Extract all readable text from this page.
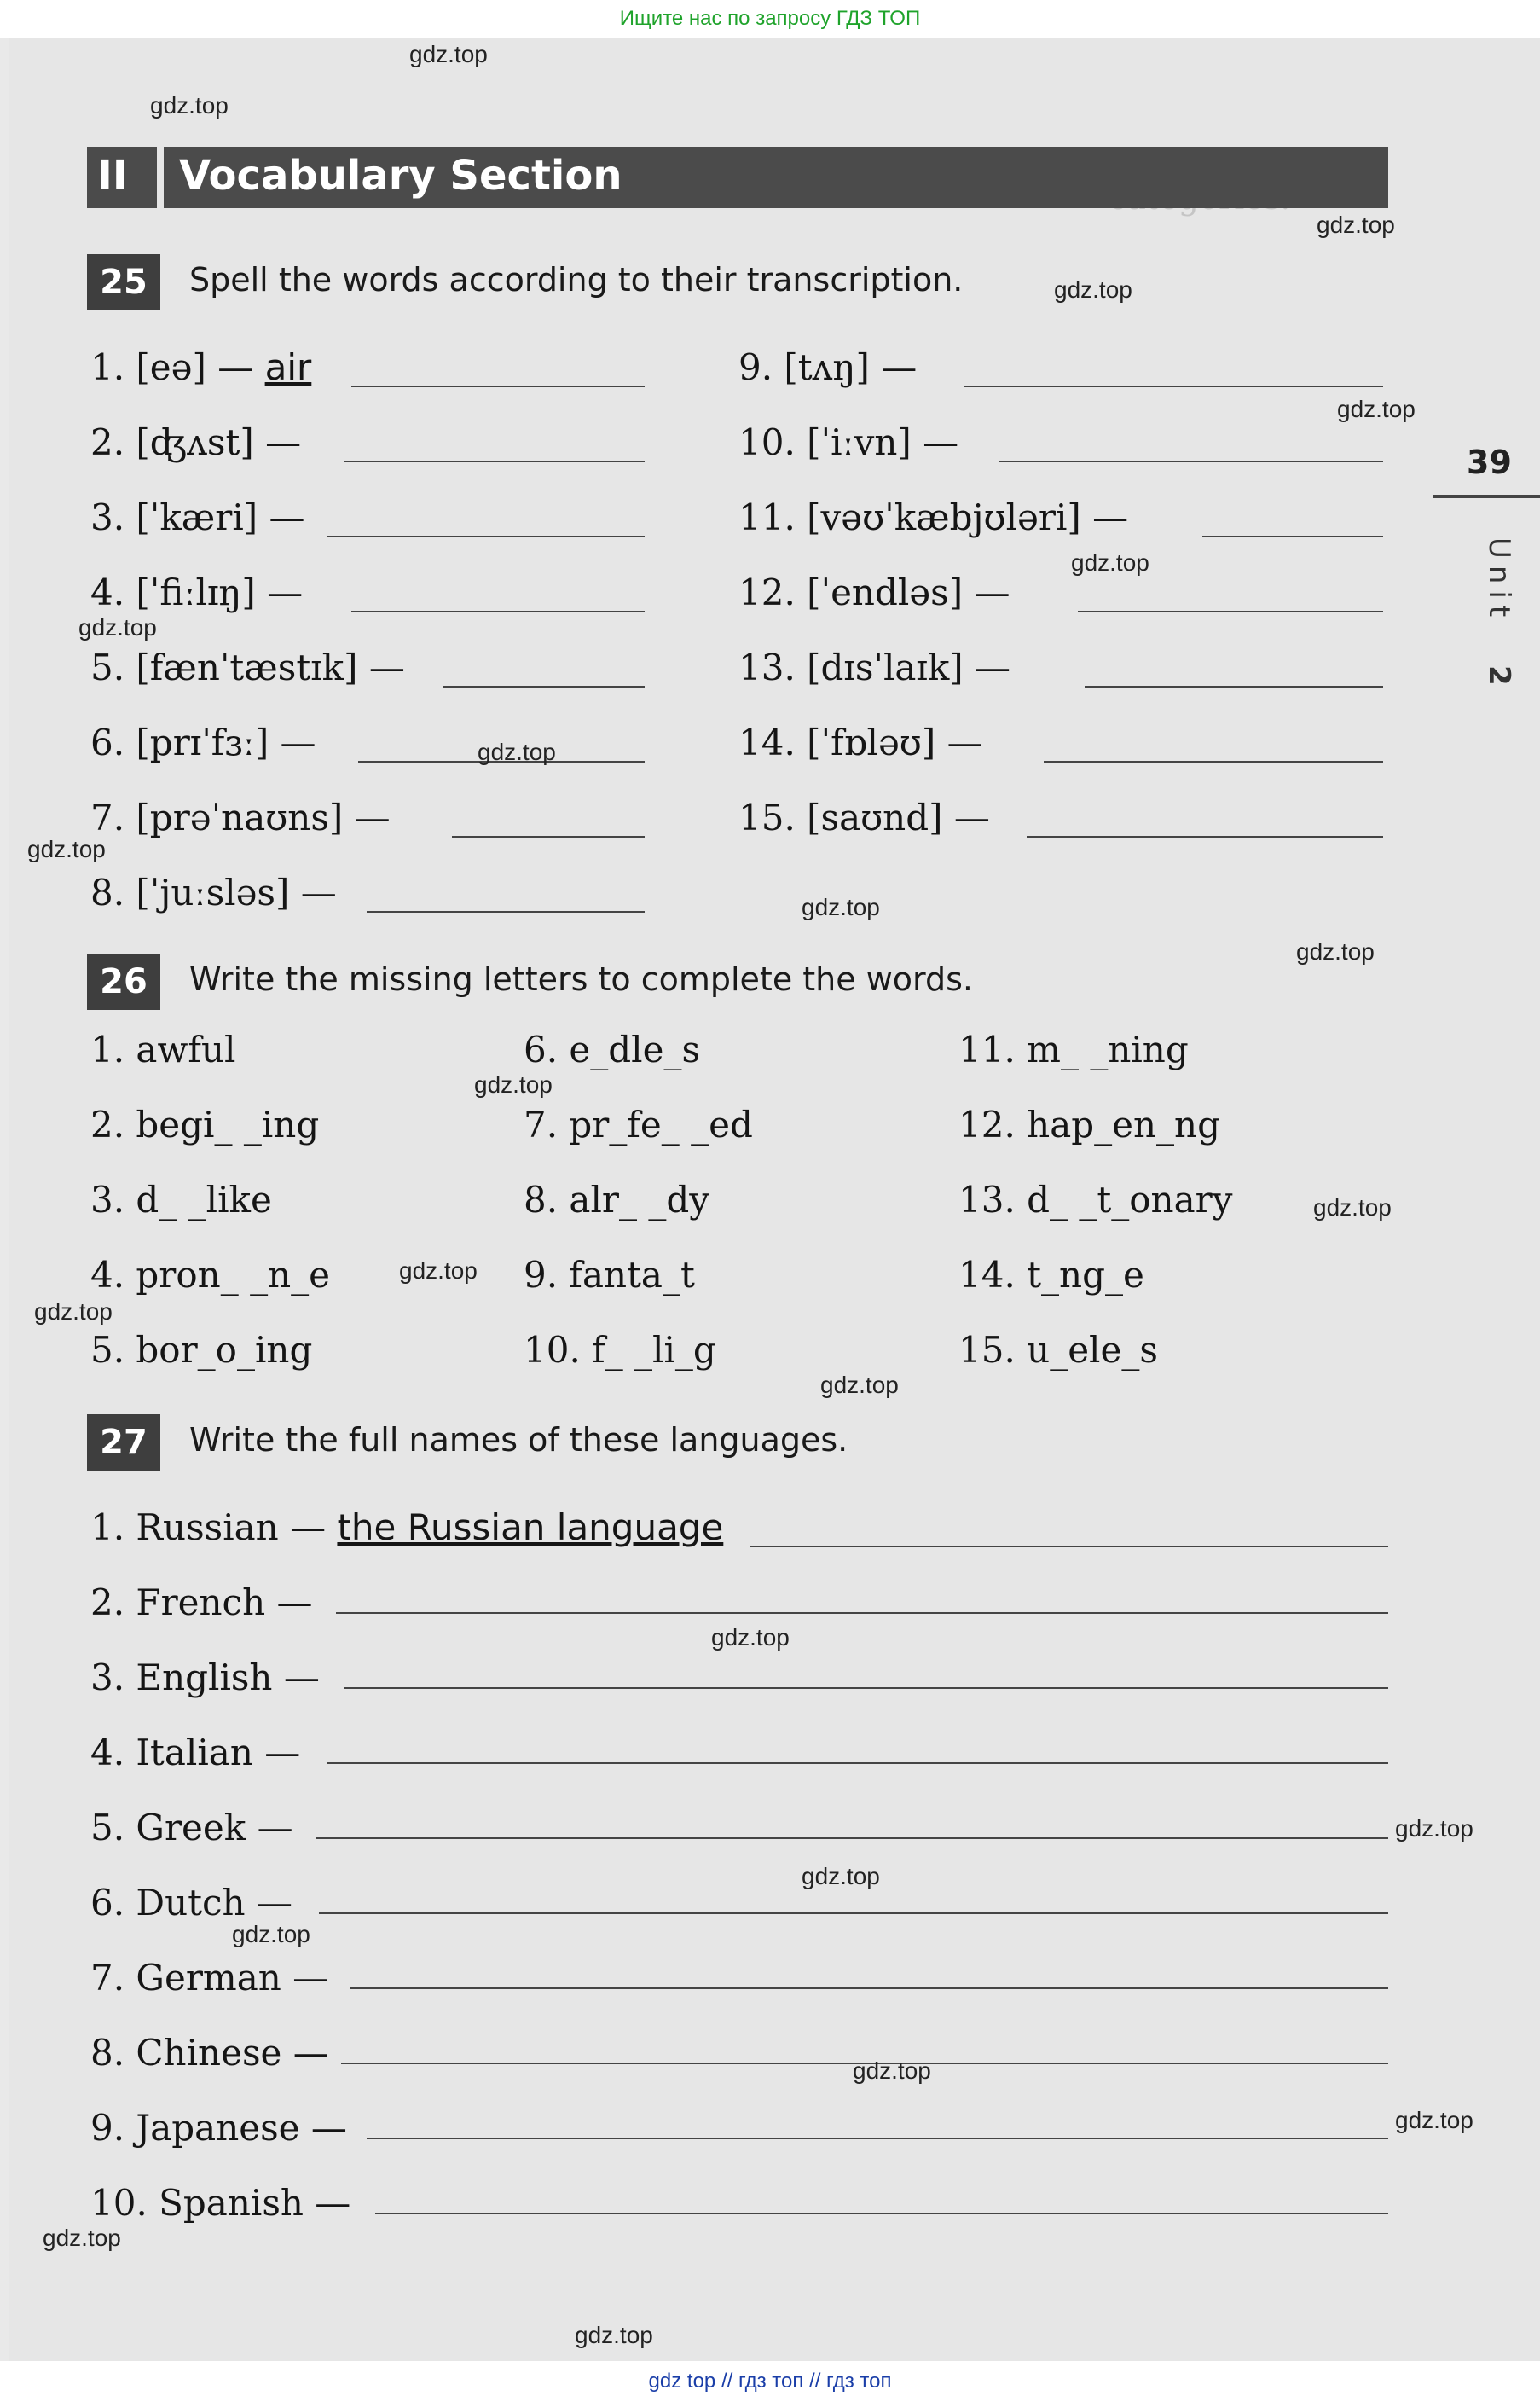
Ищите нас по запросу ГДЗ ТОП

II Vocabulary Section
39
Unit
2
25	Spell the words according to their transcription.
1. [eə] — air
2. [ʤʌst] —
3. [ˈkæri] —
4. [ˈfiːlɪŋ] —
5. [fænˈtæstɪk] —
6. [prɪˈfɜː] —
7. [prəˈnaʊns] —
8. [ˈjuːsləs] —
9. [tʌŋ] —
10. [ˈiːvn] —
11. [vəʊˈkæbjʊləri] —
12. [ˈendləs] —
13. [dɪsˈlaɪk] —
14. [ˈfɒləʊ] —
15. [saʊnd] —
26	Write the missing letters to complete the words.
1. awful
2. begi_ _ing
3. d_ _like
4. pron_ _n_e
5. bor_o_ing
6. e_dle_s
7. pr_fe_ _ed
8. alr_ _dy
9. fanta_t
10. f_ _li_g
11. m_ _ning
12. hap_en_ng
13. d_ _t_onary
14. t_ng_e
15. u_ele_s
27	Write the full names of these languages.
1. Russian — the Russian language
2. French —
3. English —
4. Italian —
5. Greek —
6. Dutch —
7. German —
8. Chinese —
9. Japanese —
10. Spanish —
gdz.top
gdz.top
gdz.top
gdz.top
gdz.top
gdz.top
gdz.top
gdz.top
gdz.top
gdz.top
gdz.top
gdz.top
gdz.top
gdz.top
gdz.top
gdz.top
gdz.top
gdz.top
gdz.top
gdz.top
gdz.top
gdz.top
gdz.top
gdz.top
gdz top // гдз топ // гдз топ
